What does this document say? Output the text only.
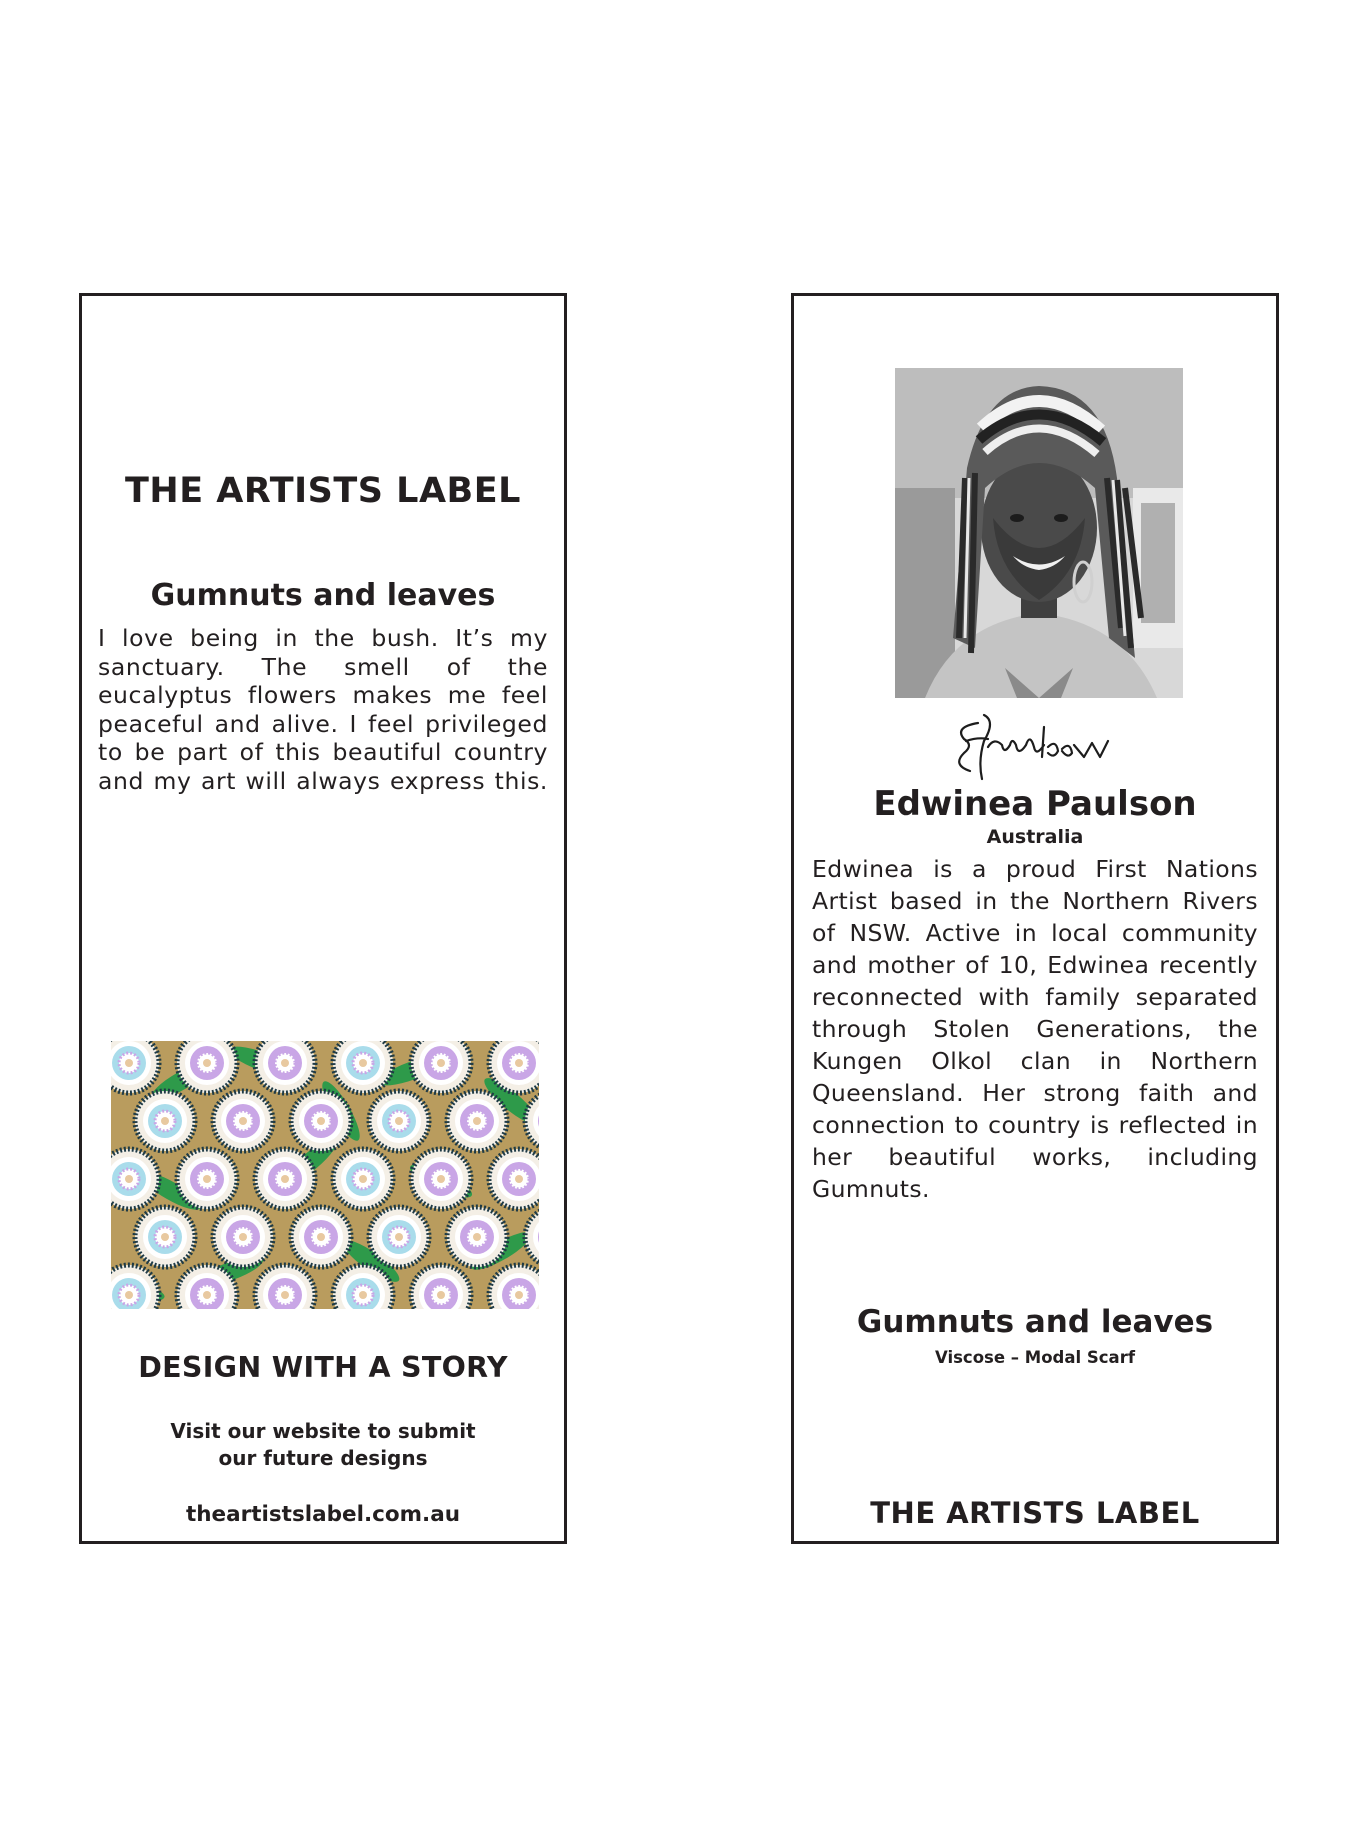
THE ARTISTS LABEL
Gumnuts and leaves
I love being in the bush. It’s my sanctuary. The smell of the eucalyptus flowers makes me feel peaceful and alive. I feel privileged to be part of this beautiful country and my art will always express this.
DESIGN WITH A STORY
Visit our website to submit
our future designs
theartistslabel.com.au
Edwinea Paulson
Australia
Edwinea is a proud First Nations Artist based in the Northern Rivers of NSW. Active in local community and mother of 10, Edwinea recently reconnected with family separated through Stolen Generations, the Kungen Olkol clan in Northern Queensland. Her strong faith and connection to country is reflected in her beautiful works, including Gumnuts.
Gumnuts and leaves
Viscose – Modal Scarf
THE ARTISTS LABEL
